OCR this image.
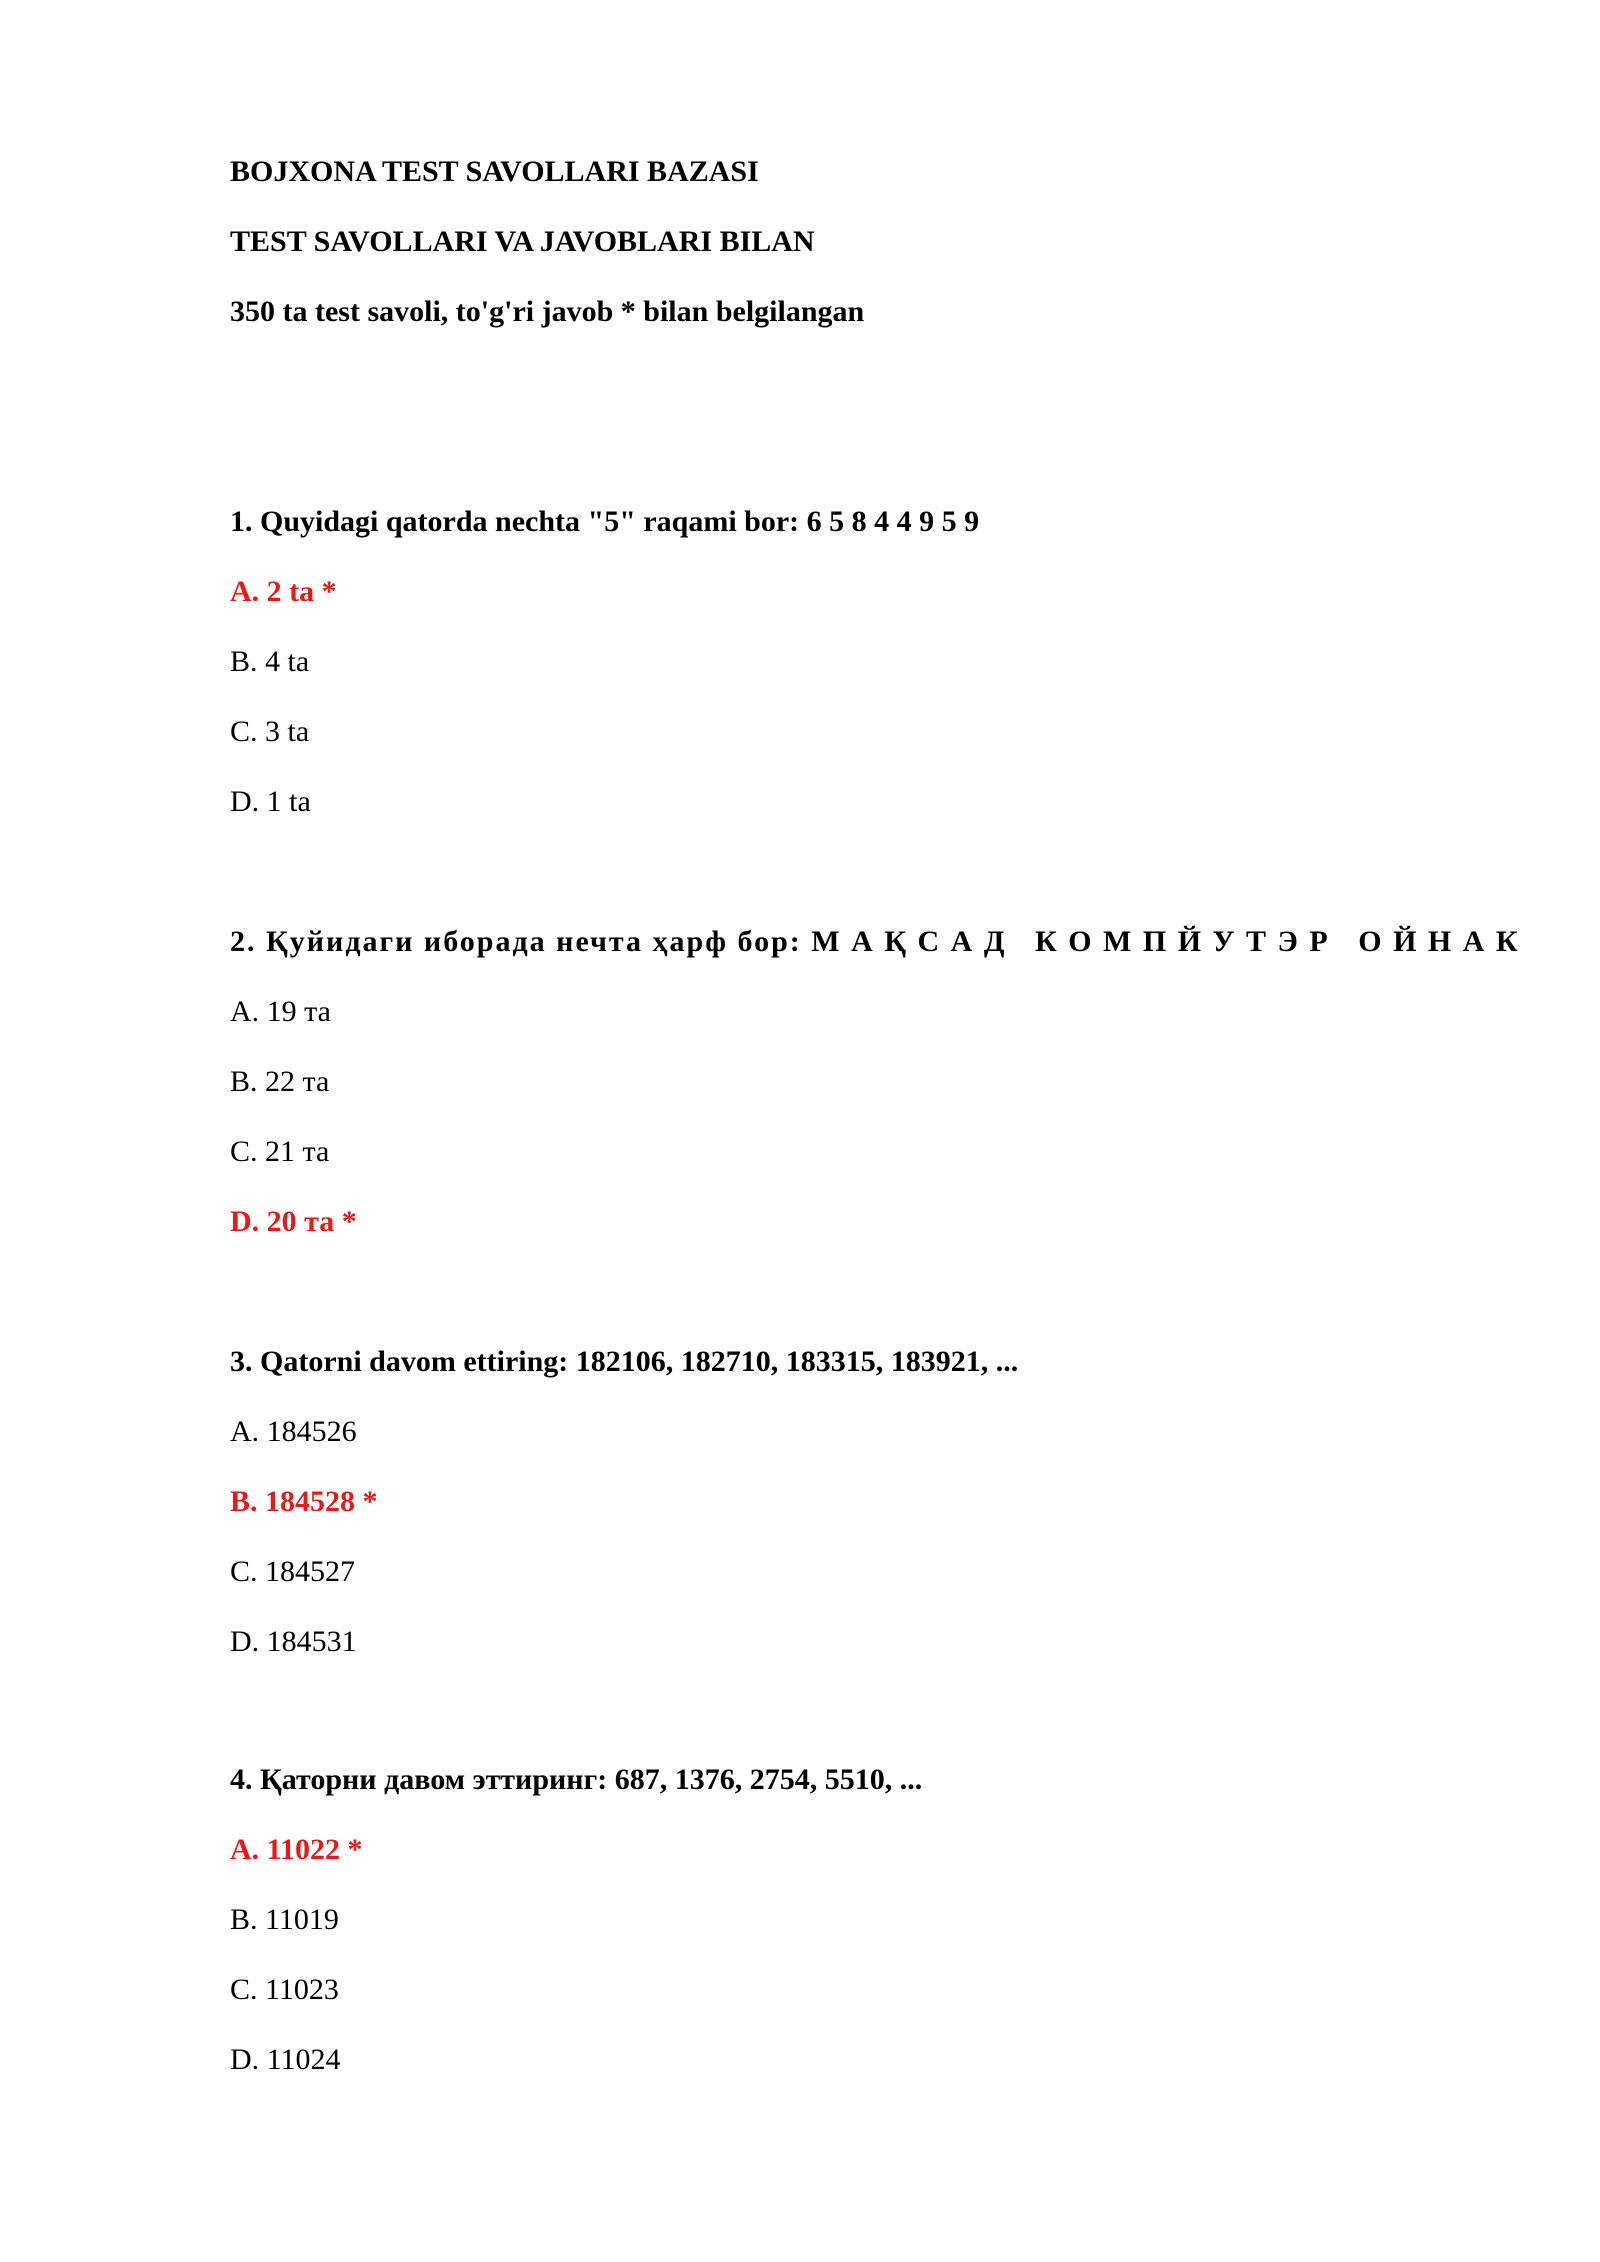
BOJXONA TEST SAVOLLARI BAZASI
TEST SAVOLLARI VA JAVOBLARI BILAN
350 ta test savoli, to'g'ri javob * bilan belgilangan
1. Quyidagi qatorda nechta "5" raqami bor: 6 5 8 4 4 9 5 9
A. 2 ta *
B. 4 ta
C. 3 ta
D. 1 ta
2. Қуйидаги иборада нечта ҳарф бор: М А Қ С А Д   К О М П Й У Т Э Р   О Й Н А К
A. 19 та
B. 22 та
C. 21 та
D. 20 та *
3. Qatorni davom ettiring: 182106, 182710, 183315, 183921, ...
A. 184526
B. 184528 *
C. 184527
D. 184531
4. Қаторни давом эттиринг: 687, 1376, 2754, 5510, ...
A. 11022 *
B. 11019
C. 11023
D. 11024
